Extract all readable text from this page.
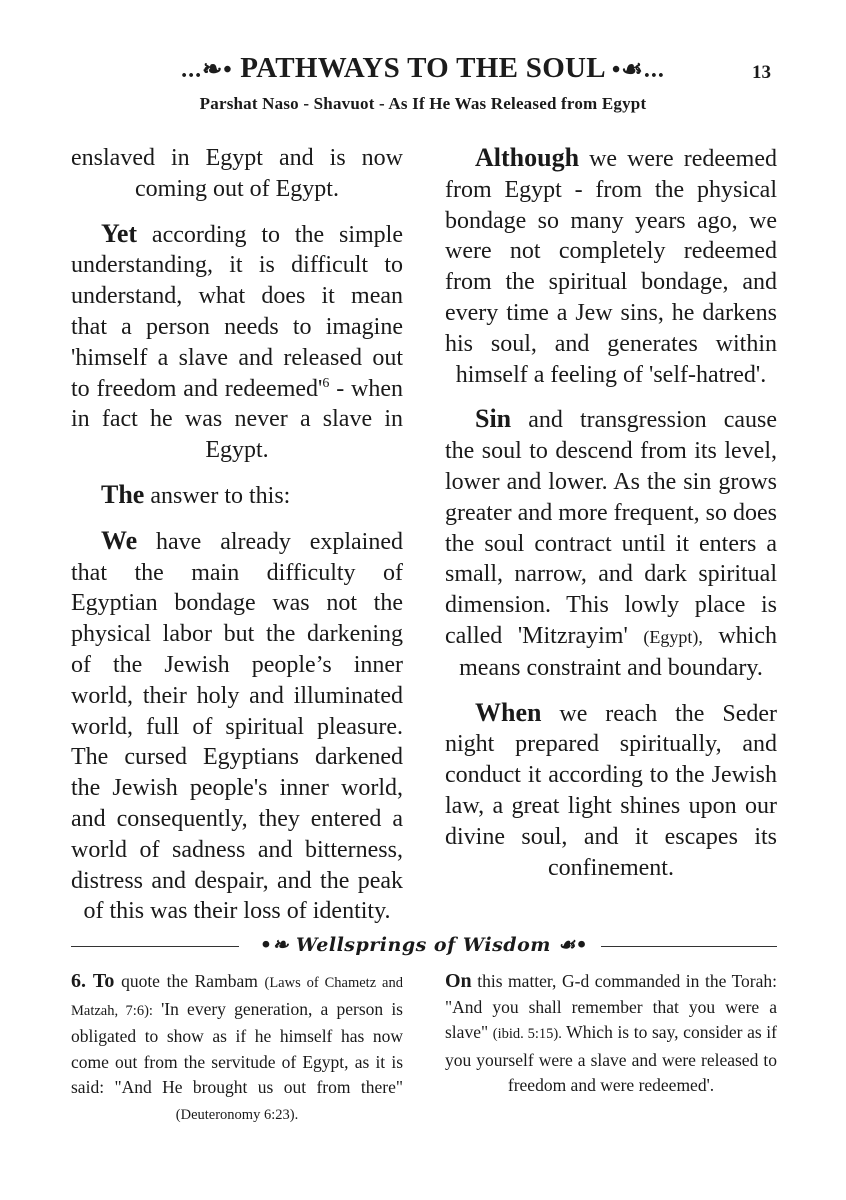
...❧• PATHWAYS TO THE SOUL •☙...	13
Parshat Naso - Shavuot - As If He Was Released from Egypt

enslaved in Egypt and is now coming out of Egypt.

Yet according to the simple understanding, it is difficult to understand, what does it mean that a person needs to imagine 'himself a slave and released out to freedom and $redeemed'^6$ - when in fact he was never a slave in Egypt.

The answer to this:

We have already explained that the main difficulty of Egyptian bondage was not the physical labor but the darkening of the Jewish people’s inner world, their holy and illuminated world, full of spiritual pleasure. The cursed Egyptians darkened the Jewish people's inner world, and consequently, they entered a world of sadness and bitterness, distress and despair, and the peak of this was their loss of identity.

Although we were redeemed from Egypt - from the physical bondage so many years ago, we were not completely redeemed from the spiritual bondage, and every time a Jew sins, he darkens his soul, and generates within himself a feeling of 'self-hatred'.

Sin and transgression cause the soul to descend from its level, lower and lower. As the sin grows greater and more frequent, so does the soul contract until it enters a small, narrow, and dark spiritual dimension. This lowly place is called 'Mitzrayim' (Egypt), which means constraint and boundary.

When we reach the Seder night prepared spiritually, and conduct it according to the Jewish law, a great light shines upon our divine soul, and it escapes its confinement.

•❧ Wellsprings of Wisdom ☙•

6. To quote the Rambam (Laws of Chametz and Matzah, 7:6): 'In every generation, a person is obligated to show as if he himself has now come out from the servitude of Egypt, as it is said: "And He brought us out from there" (Deuteronomy 6:23).

On this matter, G-d commanded in the Torah: "And you shall remember that you were a slave" (ibid. 5:15). Which is to say, consider as if you yourself were a slave and were released to freedom and were redeemed'.
